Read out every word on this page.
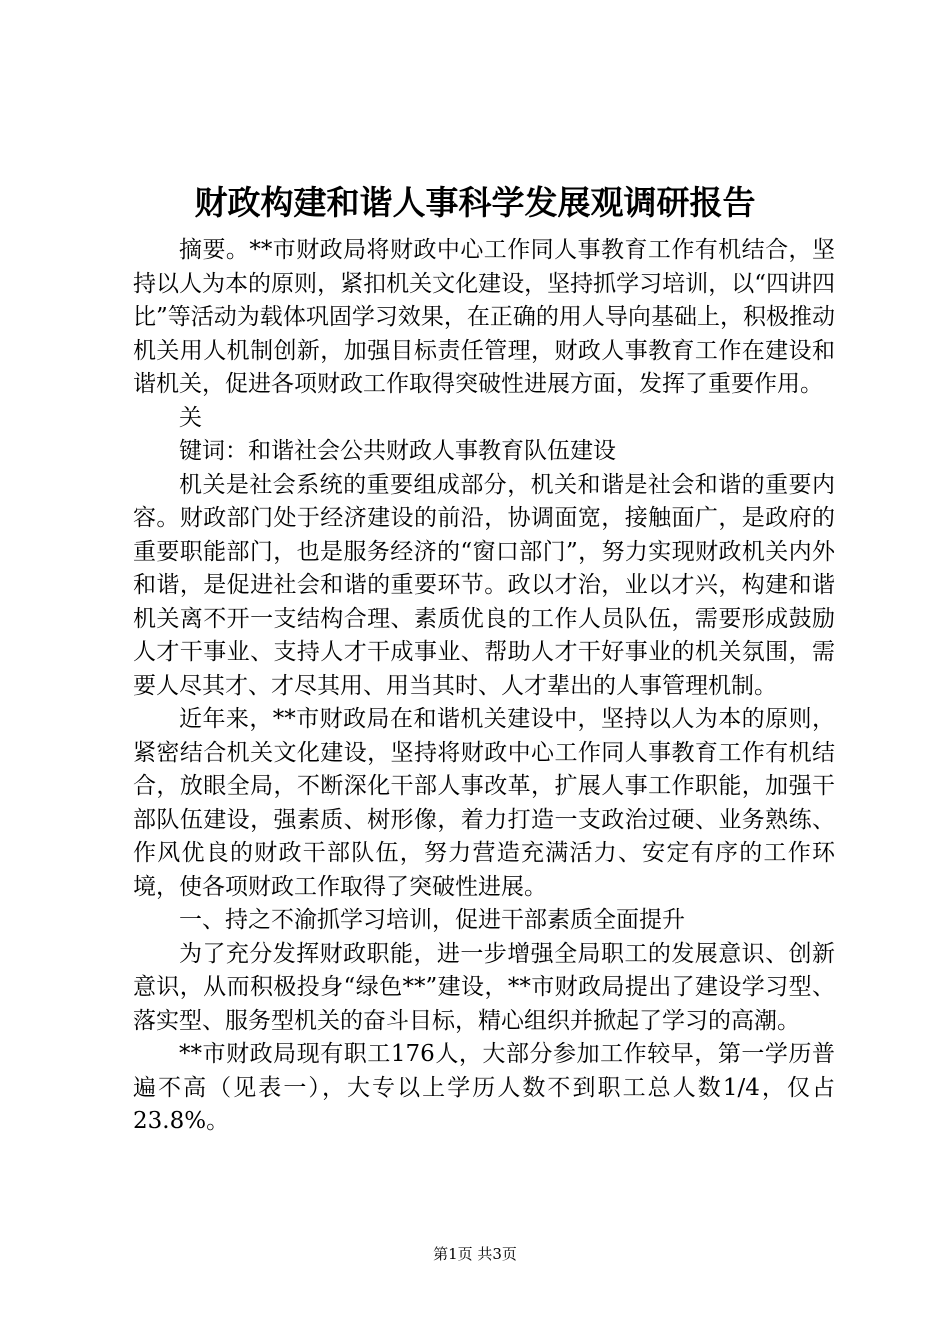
财政构建和谐人事科学发展观调研报告

摘要。**市财政局将财政中心工作同人事教育工作有机结合，坚持以人为本的原则，紧扣机关文化建设，坚持抓学习培训，以“四讲四比”等活动为载体巩固学习效果，在正确的用人导向基础上，积极推动机关用人机制创新，加强目标责任管理，财政人事教育工作在建设和谐机关，促进各项财政工作取得突破性进展方面，发挥了重要作用。

关

键词：和谐社会公共财政人事教育队伍建设

机关是社会系统的重要组成部分，机关和谐是社会和谐的重要内容。财政部门处于经济建设的前沿，协调面宽，接触面广，是政府的重要职能部门，也是服务经济的“窗口部门”，努力实现财政机关内外和谐，是促进社会和谐的重要环节。政以才治，业以才兴，构建和谐机关离不开一支结构合理、素质优良的工作人员队伍，需要形成鼓励人才干事业、支持人才干成事业、帮助人才干好事业的机关氛围，需要人尽其才、才尽其用、用当其时、人才辈出的人事管理机制。

近年来，**市财政局在和谐机关建设中，坚持以人为本的原则，紧密结合机关文化建设，坚持将财政中心工作同人事教育工作有机结合，放眼全局，不断深化干部人事改革，扩展人事工作职能，加强干部队伍建设，强素质、树形像，着力打造一支政治过硬、业务熟练、作风优良的财政干部队伍，努力营造充满活力、安定有序的工作环境，使各项财政工作取得了突破性进展。

一、持之不渝抓学习培训，促进干部素质全面提升

为了充分发挥财政职能，进一步增强全局职工的发展意识、创新意识，从而积极投身“绿色**”建设，**市财政局提出了建设学习型、落实型、服务型机关的奋斗目标，精心组织并掀起了学习的高潮。

**市财政局现有职工176人，大部分参加工作较早，第一学历普遍不高（见表一），大专以上学历人数不到职工总人数1/4，仅占23.8%。

第1页 共3页
